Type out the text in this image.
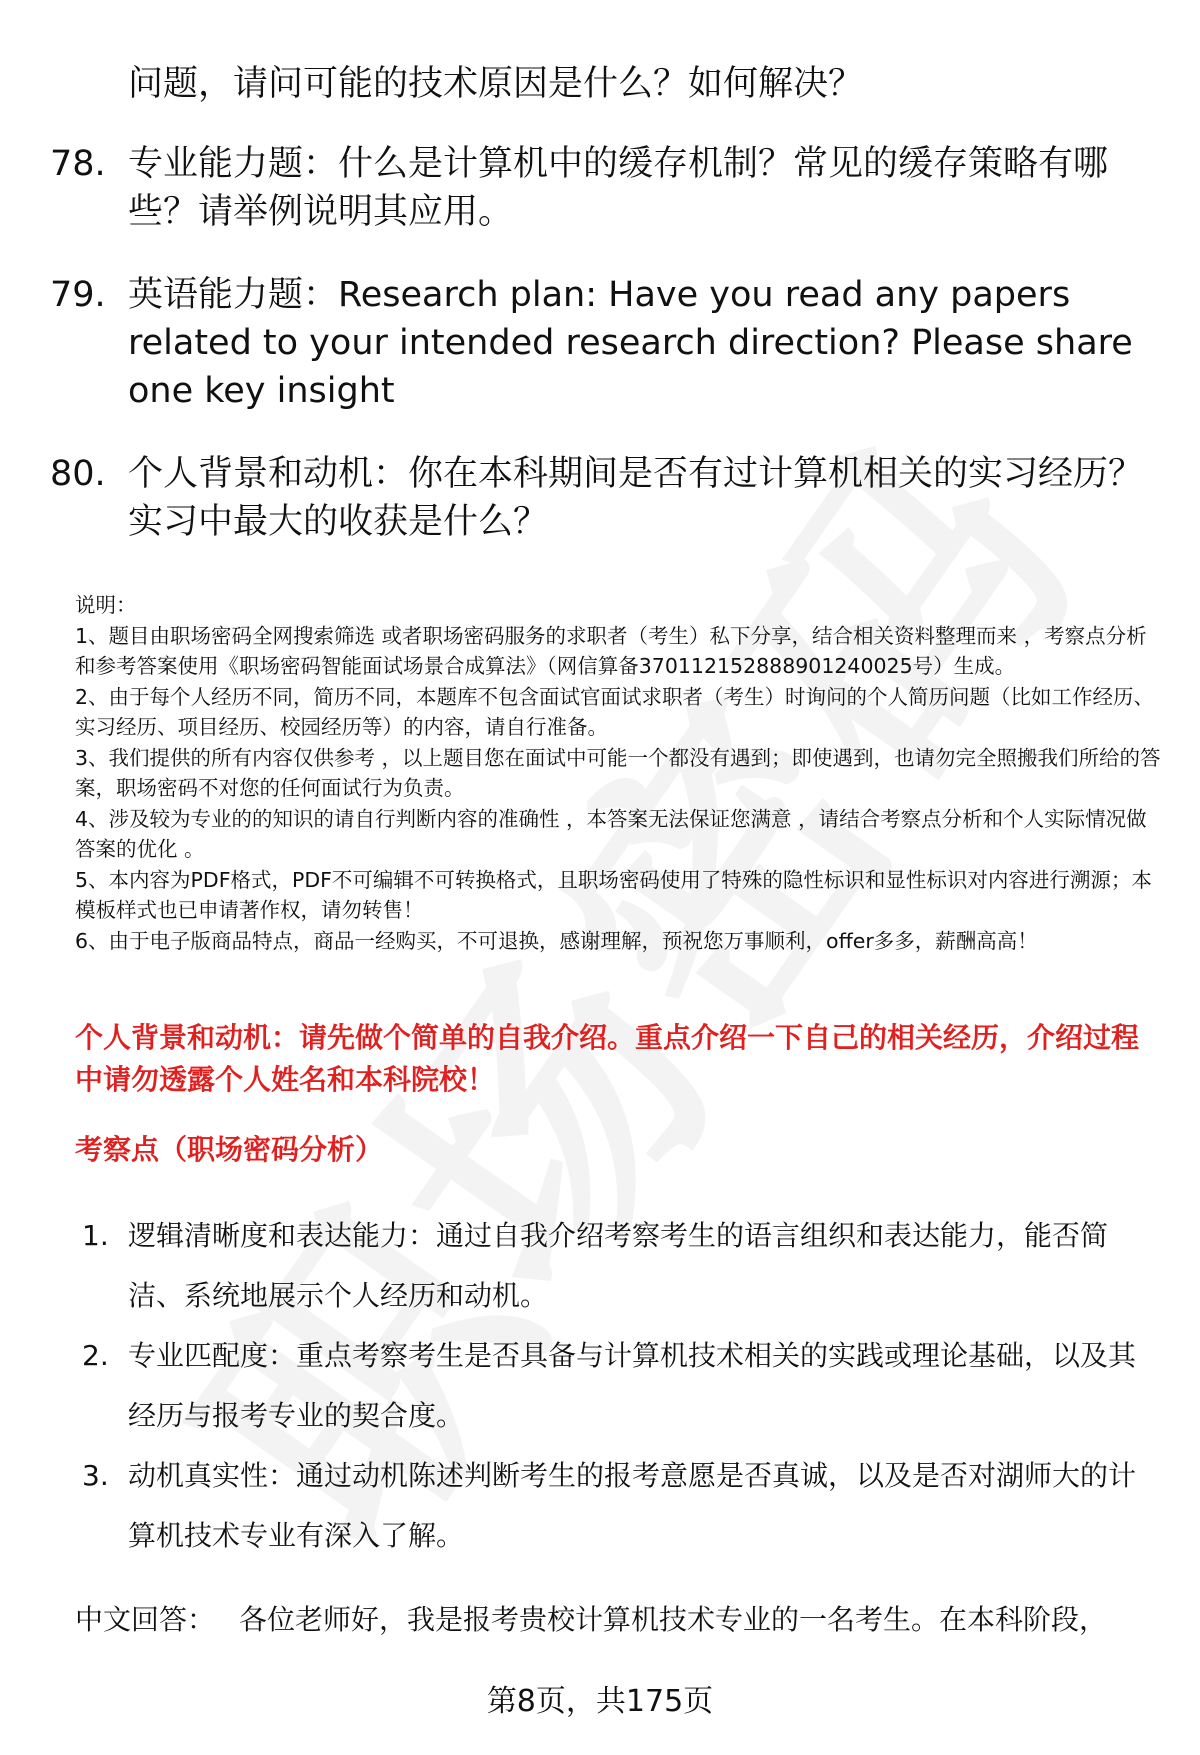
问题，请问可能的技术原因是什么？如何解决？
78. 专业能力题：什么是计算机中的缓存机制？常见的缓存策略有哪些？请举例说明其应用。
79. 英语能力题：Research plan: Have you read any papers related to your intended research direction? Please share one key insight
80. 个人背景和动机：你在本科期间是否有过计算机相关的实习经历？实习中最大的收获是什么？

说明：

1、题目由职场密码全网搜索筛选 或者职场密码服务的求职者（考生）私下分享，结合相关资料整理而来 ，考察点分析和参考答案使用《职场密码智能面试场景合成算法》（网信算备370112152888901240025号）生成。

2、由于每个人经历不同，简历不同，本题库不包含面试官面试求职者（考生）时询问的个人简历问题（比如工作经历、实习经历、项目经历、校园经历等）的内容，请自行准备。

3、我们提供的所有内容仅供参考 ，以上题目您在面试中可能一个都没有遇到；即使遇到，也请勿完全照搬我们所给的答案，职场密码不对您的任何面试行为负责。

4、涉及较为专业的的知识的请自行判断内容的准确性 ，本答案无法保证您满意 ，请结合考察点分析和个人实际情况做答案的优化 。

5、本内容为PDF格式，PDF不可编辑不可转换格式，且职场密码使用了特殊的隐性标识和显性标识对内容进行溯源；本模板样式也已申请著作权，请勿转售！

6、由于电子版商品特点，商品一经购买，不可退换，感谢理解，预祝您万事顺利，offer多多，薪酬高高！

个人背景和动机：请先做个简单的自我介绍。重点介绍一下自己的相关经历，介绍过程中请勿透露个人姓名和本科院校！
考察点（职场密码分析）
1. 逻辑清晰度和表达能力：通过自我介绍考察考生的语言组织和表达能力，能否简洁、系统地展示个人经历和动机。
2. 专业匹配度：重点考察考生是否具备与计算机技术相关的实践或理论基础，以及其经历与报考专业的契合度。
3. 动机真实性：通过动机陈述判断考生的报考意愿是否真诚，以及是否对湖师大的计算机技术专业有深入了解。
中文回答： 各位老师好，我是报考贵校计算机技术专业的一名考生。在本科阶段，
第8页，共175页
